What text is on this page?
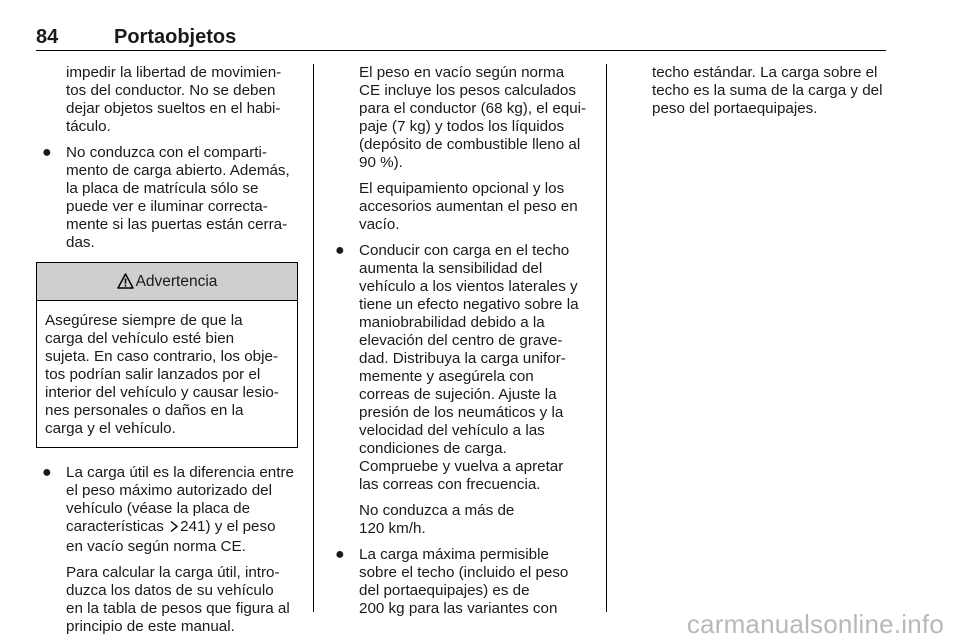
84	Portaobjetos
impedir la libertad de movimien-
tos del conductor. No se deben
dejar objetos sueltos en el habi-
táculo.
● No conduzca con el comparti-
mento de carga abierto. Además,
la placa de matrícula sólo se
puede ver e iluminar correcta-
mente si las puertas están cerra-
das.
Advertencia
Asegúrese siempre de que la
carga del vehículo esté bien
sujeta. En caso contrario, los obje-
tos podrían salir lanzados por el
interior del vehículo y causar lesio-
nes personales o daños en la
carga y el vehículo.
● La carga útil es la diferencia entre
el peso máximo autorizado del
vehículo (véase la placa de
características 241) y el peso
en vacío según norma CE.
Para calcular la carga útil, intro-
duzca los datos de su vehículo
en la tabla de pesos que figura al
principio de este manual.
El peso en vacío según norma
CE incluye los pesos calculados
para el conductor (68 kg), el equi-
paje (7 kg) y todos los líquidos
(depósito de combustible lleno al
90 %).
El equipamiento opcional y los
accesorios aumentan el peso en
vacío.
● Conducir con carga en el techo
aumenta la sensibilidad del
vehículo a los vientos laterales y
tiene un efecto negativo sobre la
maniobrabilidad debido a la
elevación del centro de grave-
dad. Distribuya la carga unifor-
memente y asegúrela con
correas de sujeción. Ajuste la
presión de los neumáticos y la
velocidad del vehículo a las
condiciones de carga.
Compruebe y vuelva a apretar
las correas con frecuencia.
No conduzca a más de
120 km/h.
● La carga máxima permisible
sobre el techo (incluido el peso
del portaequipajes) es de
200 kg para las variantes con
techo estándar. La carga sobre el
techo es la suma de la carga y del
peso del portaequipajes.
carmanualsonline.info
